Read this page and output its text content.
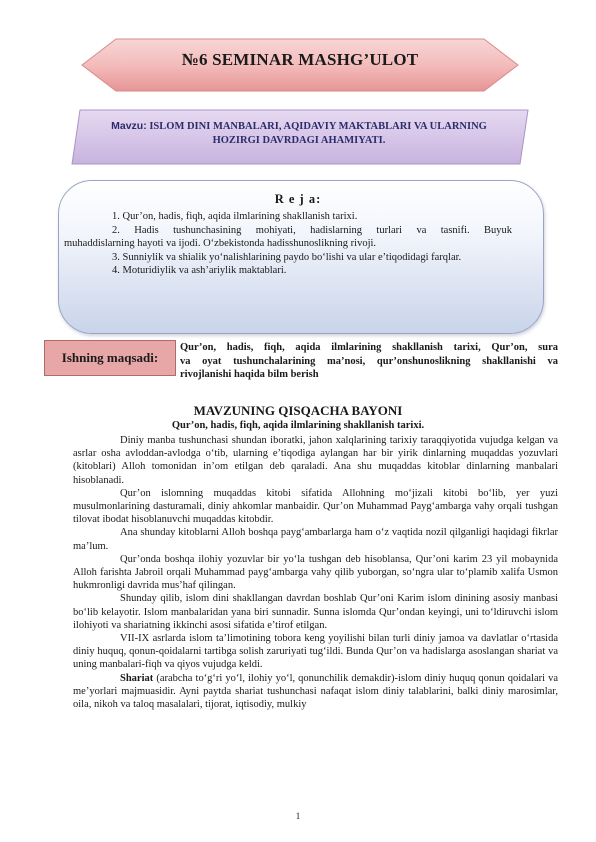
№6 SEMINAR MASHG’ULOT
Mavzu: ISLOM DINI MANBALARI, AQIDAVIY MAKTABLARI VA ULARNING HOZIRGI DAVRDAGI AHAMIYATI.
R e j a:
1. Qur’on, hadis, fiqh, aqida ilmlarining shakllanish tarixi.
2. Hadis tushunchasining mohiyati, hadislarning turlari va tasnifi. Buyuk
muhaddislarning hayoti va ijodi. O‘zbekistonda hadisshunoslikning rivoji.
3. Sunniylik va shialik yo‘nalishlarining paydo bo‘lishi va ular e’tiqodidagi farqlar.
4. Moturidiylik va ash’ariylik maktablari.
Ishning maqsadi:
Qur’on, hadis, fiqh, aqida ilmlarining shakllanish tarixi, Qur’on, sura
va oyat tushunchalarining ma’nosi, qur’onshunoslikning shakllanishi va
rivojlanishi haqida bilm berish
MAVZUNING QISQACHA BAYONI
Qur’on, hadis, fiqh, aqida ilmlarining shakllanish tarixi.

Diniy manba tushunchasi shundan iboratki, jahon xalqlarining tarixiy taraqqiyotida vujudga kelgan va asrlar osha avloddan-avlodga o‘tib, ularning e’tiqodiga aylangan har bir yirik dinlarning muqaddas yozuvlari (kitoblari) Alloh tomonidan in’om etilgan deb qaraladi. Ana shu muqaddas kitoblar dinlarning manbalari hisoblanadi.

Qur’on islomning muqaddas kitobi sifatida Allohning mo‘jizali kitobi bo‘lib, yer yuzi musulmonlarining dasturamali, diniy ahkomlar manbaidir. Qur’on Muhammad Payg‘ambarga vahy orqali tushgan tilovat ibodat hisoblanuvchi muqaddas kitobdir.

Ana shunday kitoblarni Alloh boshqa payg‘ambarlarga ham o‘z vaqtida nozil qilganligi haqidagi fikrlar ma’lum.

Qur’onda boshqa ilohiy yozuvlar bir yo‘la tushgan deb hisoblansa, Qur’oni karim 23 yil mobaynida Alloh farishta Jabroil orqali Muhammad payg‘ambarga vahy qilib yuborgan, so‘ngra ular to‘plamib xalifa Usmon hukmronligi davrida mus’haf qilingan.

Shunday qilib, islom dini shakllangan davrdan boshlab Qur’oni Karim islom dinining asosiy manbasi bo‘lib kelayotir. Islom manbalaridan yana biri sunnadir. Sunna islomda Qur’ondan keyingi, uni to‘ldiruvchi islom ilohiyoti va shariatning ikkinchi asosi sifatida e’tirof etilgan.

VII-IX asrlarda islom ta’limotining tobora keng yoyilishi bilan turli diniy jamoa va davlatlar o‘rtasida diniy huquq, qonun-qoidalarni tartibga solish zaruriyati tug‘ildi. Bunda Qur’on va hadislarga asoslangan shariat va uning manbalari-fiqh va qiyos vujudga keldi.

Shariat (arabcha to‘g‘ri yo‘l, ilohiy yo‘l, qonunchilik demakdir)-islom diniy huquq qonun qoidalari va me’yorlari majmuasidir. Ayni paytda shariat tushunchasi nafaqat islom diniy talablarini, balki diniy marosimlar, oila, nikoh va taloq masalalari, tijorat, iqtisodiy, mulkiy

1
